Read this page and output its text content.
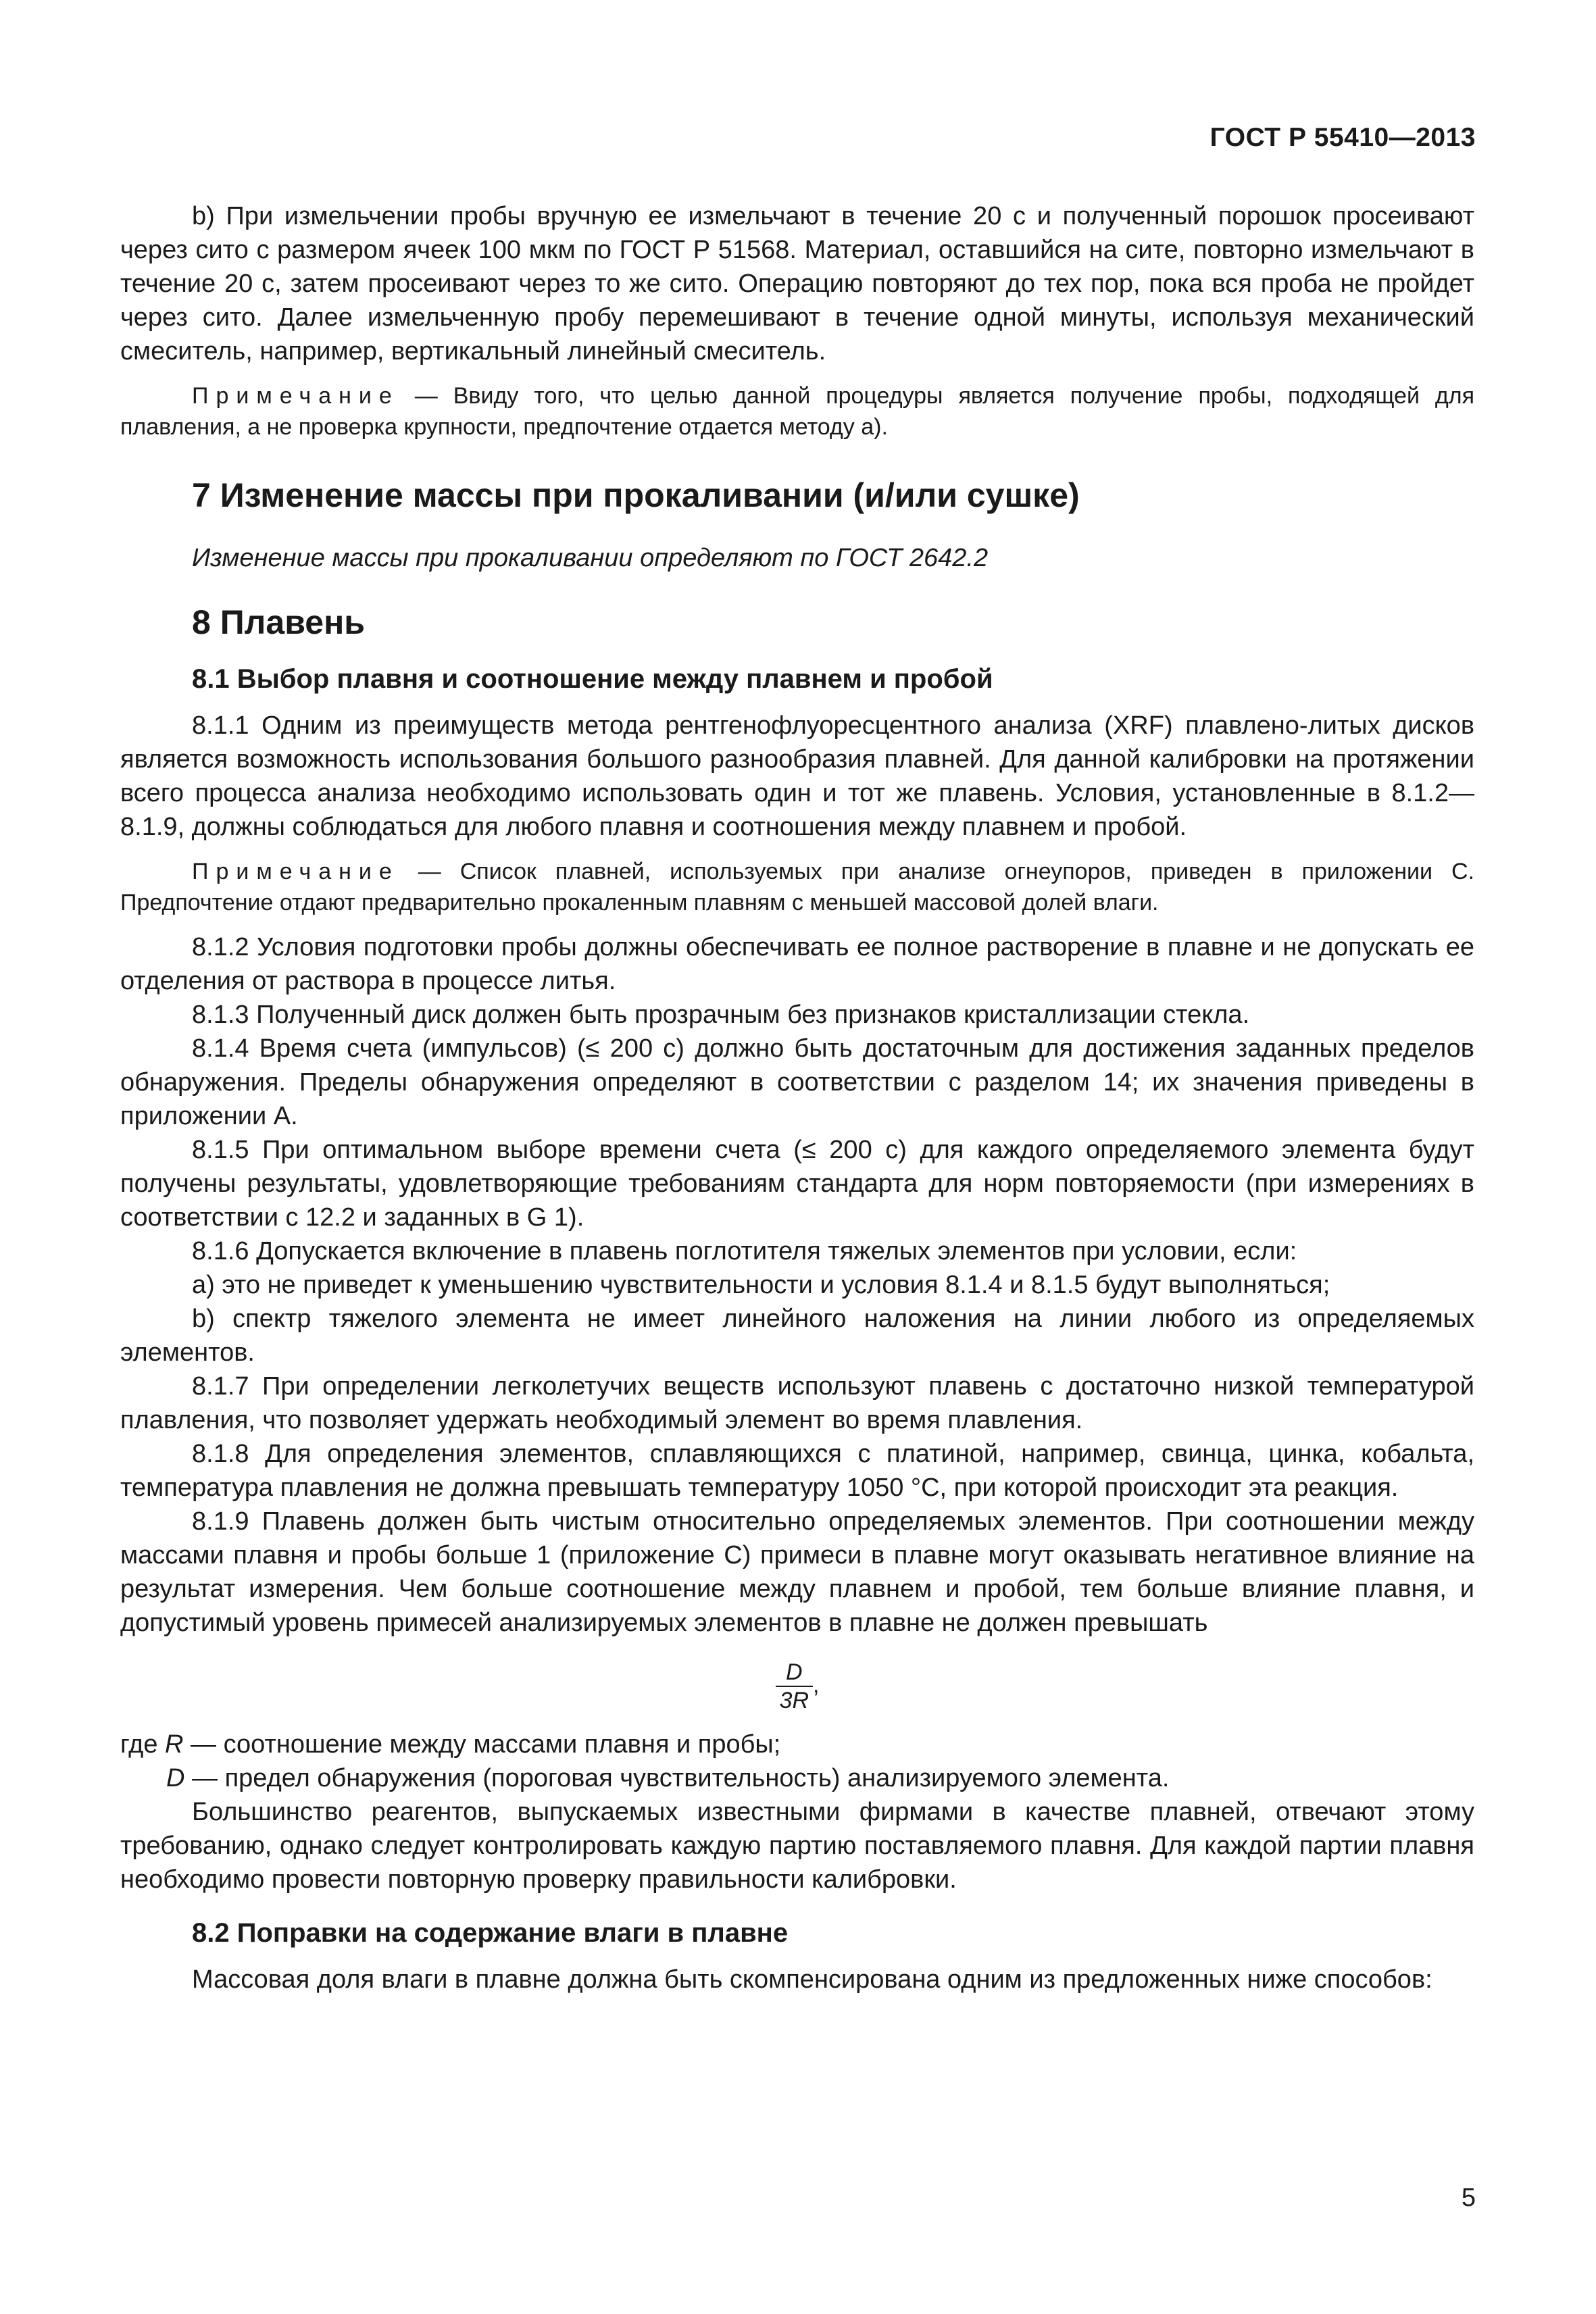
ГОСТ Р 55410—2013

b) При измельчении пробы вручную ее измельчают в течение 20 с и полученный порошок просеивают через сито с размером ячеек 100 мкм по ГОСТ Р 51568. Материал, оставшийся на сите, повторно измельчают в течение 20 с, затем просеивают через то же сито. Операцию повторяют до тех пор, пока вся проба не пройдет через сито. Далее измельченную пробу перемешивают в течение одной минуты, используя механический смеситель, например, вертикальный линейный смеситель.

Примечание — Ввиду того, что целью данной процедуры является получение пробы, подходящей для плавления, а не проверка крупности, предпочтение отдается методу а).

7 Изменение массы при прокаливании (и/или сушке)

Изменение массы при прокаливании определяют по ГОСТ 2642.2

8 Плавень
8.1 Выбор плавня и соотношение между плавнем и пробой

8.1.1 Одним из преимуществ метода рентгенофлуоресцентного анализа (XRF) плавлено-литых дисков является возможность использования большого разнообразия плавней. Для данной калибровки на протяжении всего процесса анализа необходимо использовать один и тот же плавень. Условия, установленные в 8.1.2—8.1.9, должны соблюдаться для любого плавня и соотношения между плавнем и пробой.

Примечание — Список плавней, используемых при анализе огнеупоров, приведен в приложении С. Предпочтение отдают предварительно прокаленным плавням с меньшей массовой долей влаги.

8.1.2 Условия подготовки пробы должны обеспечивать ее полное растворение в плавне и не допускать ее отделения от раствора в процессе литья.

8.1.3 Полученный диск должен быть прозрачным без признаков кристаллизации стекла.

8.1.4 Время счета (импульсов) (≤ 200 с) должно быть достаточным для достижения заданных пределов обнаружения. Пределы обнаружения определяют в соответствии с разделом 14; их значения приведены в приложении А.

8.1.5 При оптимальном выборе времени счета (≤ 200 с) для каждого определяемого элемента будут получены результаты, удовлетворяющие требованиям стандарта для норм повторяемости (при измерениях в соответствии с 12.2 и заданных в G 1).

8.1.6 Допускается включение в плавень поглотителя тяжелых элементов при условии, если:

а) это не приведет к уменьшению чувствительности и условия 8.1.4 и 8.1.5 будут выполняться;

b) спектр тяжелого элемента не имеет линейного наложения на линии любого из определяемых элементов.

8.1.7 При определении легколетучих веществ используют плавень с достаточно низкой температурой плавления, что позволяет удержать необходимый элемент во время плавления.

8.1.8 Для определения элементов, сплавляющихся с платиной, например, свинца, цинка, кобальта, температура плавления не должна превышать температуру 1050 °С, при которой происходит эта реакция.

8.1.9 Плавень должен быть чистым относительно определяемых элементов. При соотношении между массами плавня и пробы больше 1 (приложение С) примеси в плавне могут оказывать негативное влияние на результат измерения. Чем больше соотношение между плавнем и пробой, тем больше влияние плавня, и допустимый уровень примесей анализируемых элементов в плавне не должен превышать

$\frac{D}{3R}$ ,

где R — соотношение между массами плавня и пробы;

D — предел обнаружения (пороговая чувствительность) анализируемого элемента.

Большинство реагентов, выпускаемых известными фирмами в качестве плавней, отвечают этому требованию, однако следует контролировать каждую партию поставляемого плавня. Для каждой партии плавня необходимо провести повторную проверку правильности калибровки.

8.2 Поправки на содержание влаги в плавне

Массовая доля влаги в плавне должна быть скомпенсирована одним из предложенных ниже способов:

5
